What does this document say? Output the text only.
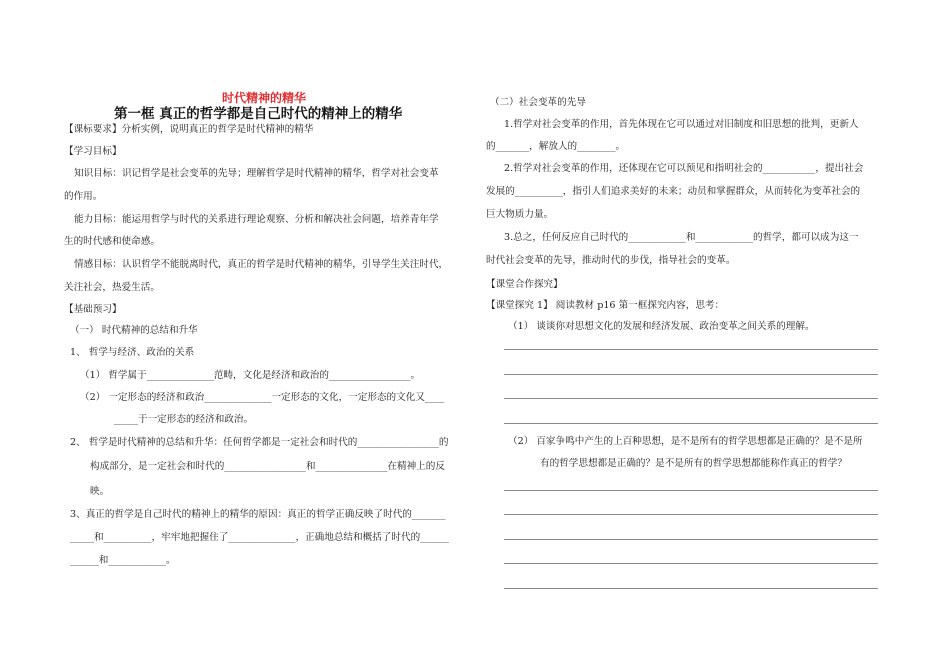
时代精神的精华
第一框 真正的哲学都是自己时代的精神上的精华
【课标要求】分析实例，说明真正的哲学是时代精神的精华
【学习目标】
知识目标：识记哲学是社会变革的先导；理解哲学是时代精神的精华，哲学对社会变革
的作用。
能力目标：能运用哲学与时代的关系进行理论观察、分析和解决社会问题，培养青年学
生的时代感和使命感。
情感目标：认识哲学不能脱离时代，真正的哲学是时代精神的精华，引导学生关注时代，
关注社会，热爱生活。
【基础预习】
（一） 时代精神的总结和升华
1、 哲学与经济、政治的关系
（1） 哲学属于______________范畴，文化是经济和政治的_________________。
（2） 一定形态的经济和政治______________一定形态的文化，一定形态的文化又____
_____于一定形态的经济和政治。
2、 哲学是时代精神的总结和升华：任何哲学都是一定社会和时代的_________________的
构成部分，是一定社会和时代的_________________和_______________在精神上的反
映。
3、真正的哲学是自己时代的精神上的精华的原因：真正的哲学正确反映了时代的_______
_____和__________，牢牢地把握住了______________，正确地总结和概括了时代的______
______和____________。
（二）社会变革的先导
1.哲学对社会变革的作用，首先体现在它可以通过对旧制度和旧思想的批判，更新人
的_______，解放人的________。
2.哲学对社会变革的作用，还体现在它可以预见和指明社会的___________，提出社会
发展的__________，指引人们追求美好的未来；动员和掌握群众，从而转化为变革社会的
巨大物质力量。
3.总之，任何反应自己时代的____________和____________的哲学，都可以成为这一
时代社会变革的先导，推动时代的步伐，指导社会的变革。
【课堂合作探究】
【课堂探究 1】 阅读教材 p16 第一框探究内容，思考：
（1） 谈谈你对思想文化的发展和经济发展、政治变革之间关系的理解。
（2） 百家争鸣中产生的上百种思想，是不是所有的哲学思想都是正确的？是不是所
有的哲学思想都是正确的？是不是所有的哲学思想都能称作真正的哲学？
